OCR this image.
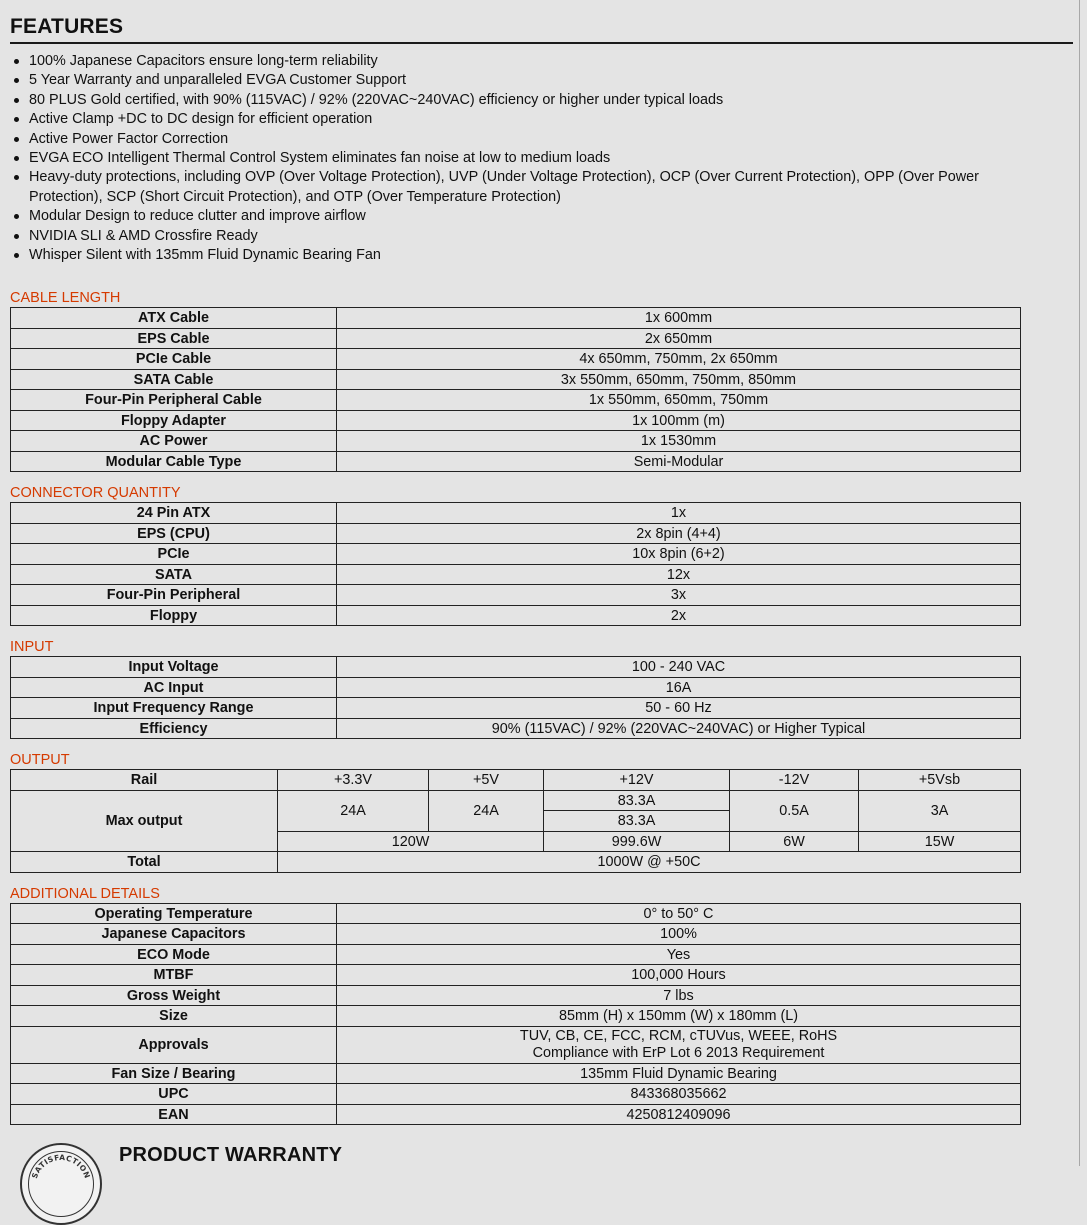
FEATURES
100% Japanese Capacitors ensure long-term reliability
5 Year Warranty and unparalleled EVGA Customer Support
80 PLUS Gold certified, with 90% (115VAC) / 92% (220VAC~240VAC) efficiency or higher under typical loads
Active Clamp +DC to DC design for efficient operation
Active Power Factor Correction
EVGA ECO Intelligent Thermal Control System eliminates fan noise at low to medium loads
Heavy-duty protections, including OVP (Over Voltage Protection), UVP (Under Voltage Protection), OCP (Over Current Protection), OPP (Over Power Protection), SCP (Short Circuit Protection), and OTP (Over Temperature Protection)
Modular Design to reduce clutter and improve airflow
NVIDIA SLI & AMD Crossfire Ready
Whisper Silent with 135mm Fluid Dynamic Bearing Fan
CABLE LENGTH
ATX Cable	1x 600mm
EPS Cable	2x 650mm
PCIe Cable	4x 650mm, 750mm, 2x 650mm
SATA Cable	3x 550mm, 650mm, 750mm, 850mm
Four-Pin Peripheral Cable	1x 550mm, 650mm, 750mm
Floppy Adapter	1x 100mm (m)
AC Power	1x 1530mm
Modular Cable Type	Semi-Modular
CONNECTOR QUANTITY
24 Pin ATX	1x
EPS (CPU)	2x 8pin (4+4)
PCIe	10x 8pin (6+2)
SATA	12x
Four-Pin Peripheral	3x
Floppy	2x
INPUT
Input Voltage	100 - 240 VAC
AC Input	16A
Input Frequency Range	50 - 60 Hz
Efficiency	90% (115VAC) / 92% (220VAC~240VAC) or Higher Typical
OUTPUT
Rail	+3.3V	+5V	+12V	-12V	+5Vsb
Max output	24A	24A	83.3A	0.5A	3A
			83.3A		
	120W		999.6W	6W	15W
Total	1000W @ +50C				
ADDITIONAL DETAILS
Operating Temperature	0° to 50° C
Japanese Capacitors	100%
ECO Mode	Yes
MTBF	100,000 Hours
Gross Weight	7 lbs
Size	85mm (H) x 150mm (W) x 180mm (L)
Approvals	TUV, CB, CE, FCC, RCM, cTUVus, WEEE, RoHS
Compliance with ErP Lot 6 2013 Requirement

Fan Size / Bearing	135mm Fluid Dynamic Bearing
UPC	843368035662
EAN	4250812409096
SATISFACTION
PRODUCT WARRANTY
